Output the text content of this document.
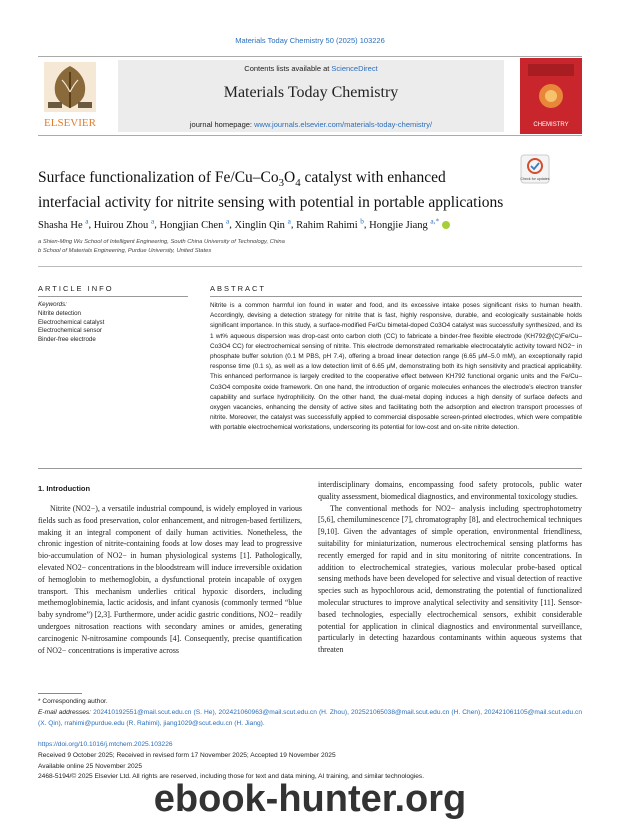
Materials Today Chemistry 50 (2025) 103226
ELSEVIER
Contents lists available at ScienceDirect
Materials Today Chemistry
journal homepage: www.journals.elsevier.com/materials-today-chemistry/	CHEMISTRY
Check for updates
Surface functionalization of $Fe/Cu-Co_3O_4$ catalyst with enhanced
interfacial activity for nitrite sensing with potential in portable applications
Shasha He $^a$, Huirou Zhou $^a$, Hongjian Chen $^a$, Xinglin Qin $^a$, Rahim Rahimi $^b$, Hongjie Jiang $^{a,*}$
a Shien-Ming Wu School of Intelligent Engineering, South China University of Technology, China
b School of Materials Engineering, Purdue University, United States
ARTICLE INFO	ABSTRACT
Keywords:
Nitrite detection
Electrochemical catalyst
Electrochemical sensor
Binder-free electrode
Nitrite is a common harmful ion found in water and food, and its excessive intake poses significant risks to human health. Accordingly, devising a detection strategy for nitrite that is fast, highly responsive, durable, and ecologically sustainable holds significant importance. In this study, a surface-modified Fe/Cu bimetal-doped Co3O4 catalyst was successfully synthesized, and its 1 wt% aqueous dispersion was drop-cast onto carbon cloth (CC) to fabricate a binder-free flexible electrode (KH792@(C)Fe/Cu–Co3O4 CC) for electrochemical sensing of nitrite. This electrode demonstrated remarkable electrocatalytic activity toward NO2− in phosphate buffer solution (0.1 M PBS, pH 7.4), offering a broad linear detection range (6.65 μM–5.0 mM), an exceptionally rapid response time (0.1 s), as well as a low detection limit of 6.65 μM, demonstrating both its high sensitivity and practical applicability. This enhanced performance is largely credited to the cooperative effect between KH792 functional organic units and the Fe/Cu–Co3O4 composite oxide framework. On one hand, the introduction of organic molecules enhances the electrode’s electron transfer capability and surface hydrophilicity. On the other hand, the dual-metal doping induces a high density of surface defects and oxygen vacancies, enhancing the density of active sites and facilitating both the adsorption and electron transport processes of nitrite. Moreover, the catalyst was successfully applied to commercial disposable screen-printed electrodes, which were compatible with portable electrochemical workstations, underscoring its potential for low-cost and on-site nitrite detection.
1. Introduction
Nitrite (NO2−), a versatile industrial compound, is widely employed in various fields such as food preservation, color enhancement, and nitrogen-based fertilizers, making it an integral component of daily human activities. Nonetheless, the chronic ingestion of nitrite-containing foods at low doses may lead to progressive bio-accumulation of NO2− in human physiological systems [1]. Pathologically, elevated NO2− concentrations in the bloodstream will induce irreversible oxidation of hemoglobin to methemoglobin, a dysfunctional protein incapable of oxygen transport. This mechanism underlies critical hypoxic disorders, including methemoglobinemia, lactic acidosis, and infant cyanosis (commonly termed “blue baby syndrome”) [2,3]. Furthermore, under acidic gastric conditions, NO2− readily undergoes nitrosation reactions with secondary amines or amides, generating carcinogenic N-nitrosamine compounds [4]. Consequently, precise quantification of NO2− concentrations is imperative across
interdisciplinary domains, encompassing food safety protocols, public water quality assessment, biomedical diagnostics, and environmental toxicology studies.
The conventional methods for NO2− analysis including spectrophotometry [5,6], chemiluminescence [7], chromatography [8], and electrochemical techniques [9,10]. Given the advantages of simple operation, environmental friendliness, suitability for miniaturization, numerous electrochemical sensing platforms has recently emerged for rapid and in situ monitoring of nitrite concentrations. In addition to electrochemical strategies, various molecular probe-based optical sensing methods have been developed for selective and visual detection of reactive species such as hypochlorous acid, demonstrating the potential of functionalized molecular structures to improve analytical selectivity and sensitivity [11]. Sensor-based technologies, especially electrochemical sensors, exhibit considerable potential for application in clinical diagnostics and environmental surveillance, particularly in detecting hazardous contaminants within aqueous systems that threaten
* Corresponding author.
E-mail addresses: 202410192551@mail.scut.edu.cn (S. He), 202421060963@mail.scut.edu.cn (H. Zhou), 202521065038@mail.scut.edu.cn (H. Chen), 202421061105@mail.scut.edu.cn (X. Qin), rrahimi@purdue.edu (R. Rahimi), jiang1029@scut.edu.cn (H. Jiang).
https://doi.org/10.1016/j.mtchem.2025.103226
Received 9 October 2025; Received in revised form 17 November 2025; Accepted 19 November 2025
Available online 25 November 2025
2468-5194/© 2025 Elsevier Ltd. All rights are reserved, including those for text and data mining, AI training, and similar technologies.
ebook-hunter.org
